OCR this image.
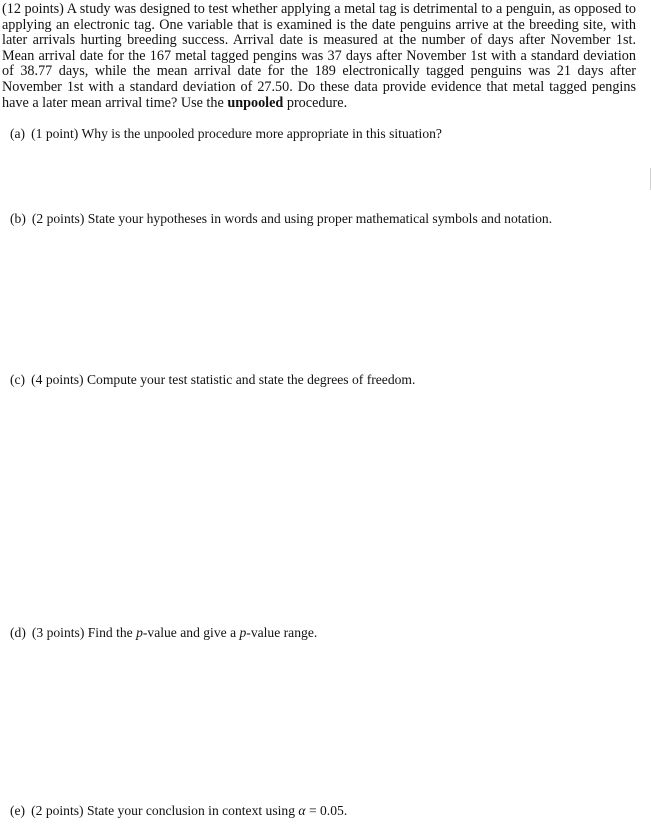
(12 points) A study was designed to test whether applying a metal tag is detrimental to a penguin, as opposed to applying an electronic tag. One variable that is examined is the date penguins arrive at the breeding site, with later arrivals hurting breeding success. Arrival date is measured at the number of days after November 1st. Mean arrival date for the 167 metal tagged pengins was 37 days after November 1st with a standard deviation of 38.77 days, while the mean arrival date for the 189 electronically tagged penguins was 21 days after November 1st with a standard deviation of 27.50. Do these data provide evidence that metal tagged pengins have a later mean arrival time? Use the unpooled procedure.
(a) (1 point) Why is the unpooled procedure more appropriate in this situation?
(b) (2 points) State your hypotheses in words and using proper mathematical symbols and notation.
(c) (4 points) Compute your test statistic and state the degrees of freedom.
(d) (3 points) Find the p-value and give a p-value range.
(e) (2 points) State your conclusion in context using α = 0.05.
